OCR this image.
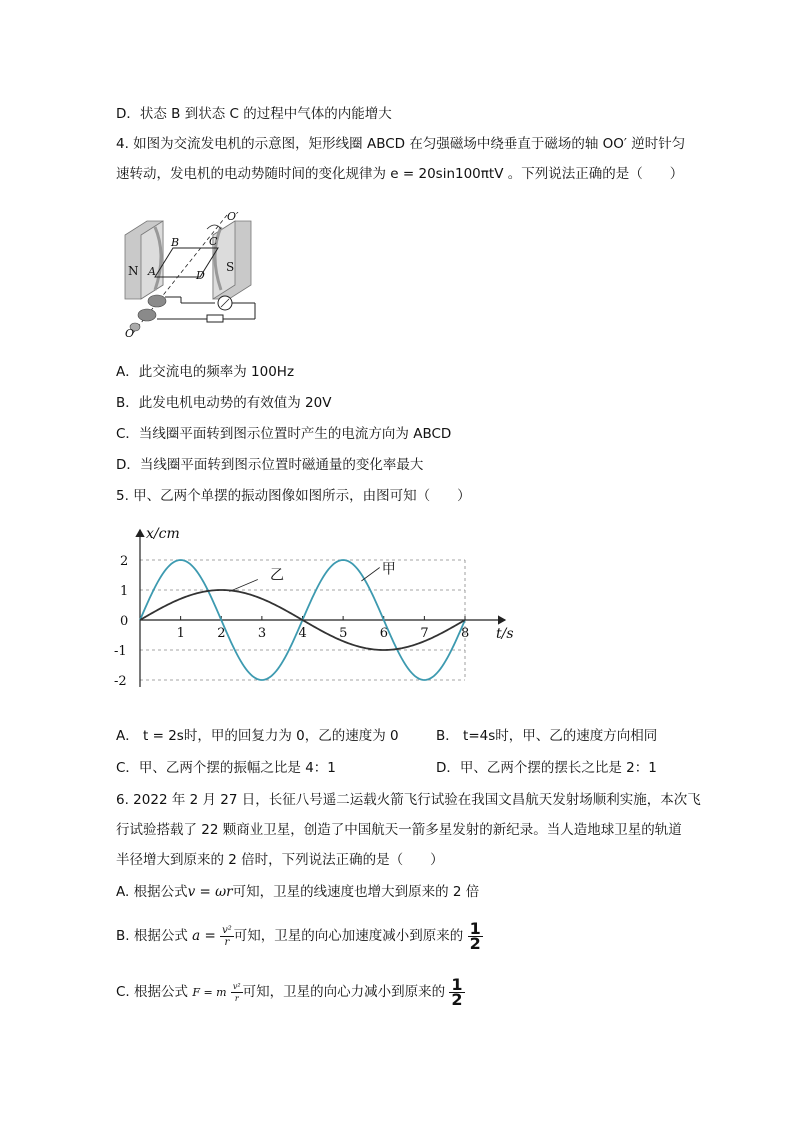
D．状态 B 到状态 C 的过程中气体的内能增大
4. 如图为交流发电机的示意图，矩形线圈 ABCD 在匀强磁场中绕垂直于磁场的轴 OO′ 逆时针匀
速转动，发电机的电动势随时间的变化规律为 e = 20sin100πtV 。下列说法正确的是（　　）
N	S
B	C
A	D
O′
O
A．此交流电的频率为 100Hz
B．此发电机电动势的有效值为 20V
C．当线圈平面转到图示位置时产生的电流方向为 ABCD
D．当线圈平面转到图示位置时磁通量的变化率最大
5. 甲、乙两个单摆的振动图像如图所示，由图可知（　　）
x/cm
t/s
1 2 3 4 5 6 7 8
2
1
0
-1
-2
甲
乙
A． t = 2s时，甲的回复力为 0，乙的速度为 0	B． t=4s时，甲、乙的速度方向相同
C．甲、乙两个摆的振幅之比是 4：1	D．甲、乙两个摆的摆长之比是 2：1
6. 2022 年 2 月 27 日，长征八号遥二运载火箭飞行试验在我国文昌航天发射场顺利实施，本次飞
行试验搭载了 22 颗商业卫星，创造了中国航天一箭多星发射的新纪录。当人造地球卫星的轨道
半径增大到原来的 2 倍时，下列说法正确的是（　　）
A. 根据公式v = ωr可知，卫星的线速度也增大到原来的 2 倍
B. 根据公式 $a = \frac{\text{v²}}{r}$ 可知，卫星的向心加速度减小到原来的 $\frac{1}{2}$
C. 根据公式 F = m $\frac{\text{v²}}{r}$ 可知，卫星的向心力减小到原来的 $\frac{1}{2}$
